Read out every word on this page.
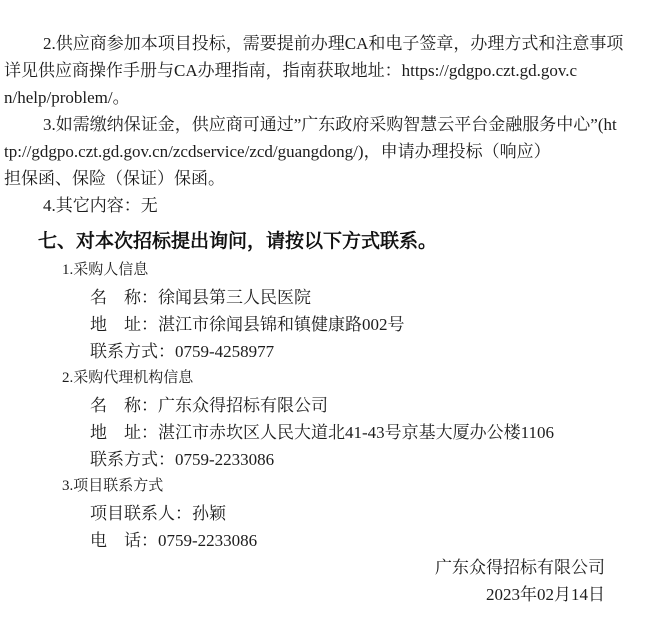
2.供应商参加本项目投标，需要提前办理CA和电子签章，办理方式和注意事项
详见供应商操作手册与CA办理指南，指南获取地址：https://gdgpo.czt.gd.gov.c
n/help/problem/。
3.如需缴纳保证金，供应商可通过”广东政府采购智慧云平台金融服务中心”(ht
tp://gdgpo.czt.gd.gov.cn/zcdservice/zcd/guangdong/)，申请办理投标（响应）
担保函、保险（保证）保函。
4.其它内容：无
七、对本次招标提出询问，请按以下方式联系。
1.采购人信息
名　称：徐闻县第三人民医院
地　址：湛江市徐闻县锦和镇健康路002号
联系方式：0759-4258977
2.采购代理机构信息
名　称：广东众得招标有限公司
地　址：湛江市赤坎区人民大道北41-43号京基大厦办公楼1106
联系方式：0759-2233086
3.项目联系方式
项目联系人：孙颖
电　话：0759-2233086
广东众得招标有限公司
2023年02月14日
